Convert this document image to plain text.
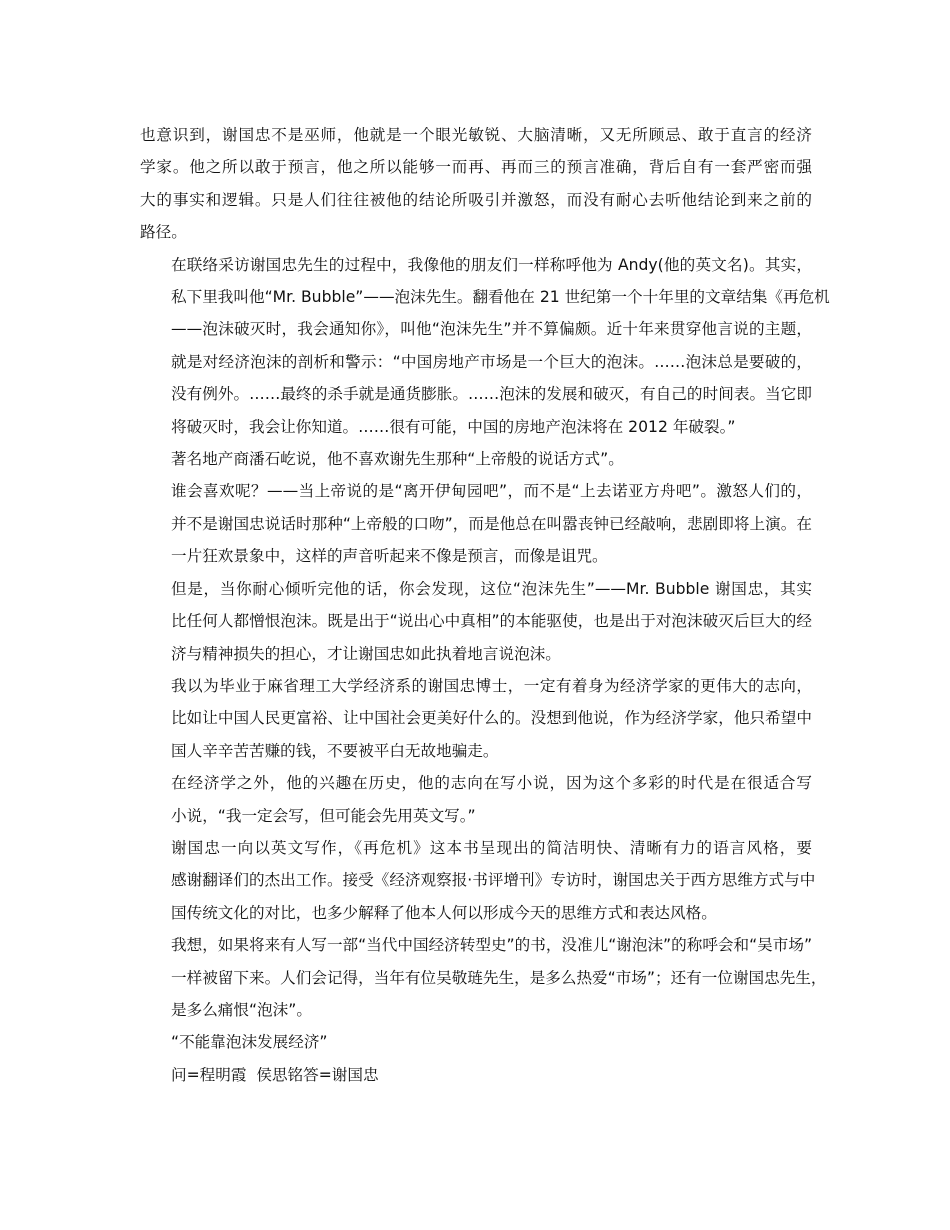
也意识到，谢国忠不是巫师，他就是一个眼光敏锐、大脑清晰，又无所顾忌、敢于直言的经济
学家。他之所以敢于预言，他之所以能够一而再、再而三的预言准确，背后自有一套严密而强
大的事实和逻辑。只是人们往往被他的结论所吸引并激怒，而没有耐心去听他结论到来之前的
路径。

在联络采访谢国忠先生的过程中，我像他的朋友们一样称呼他为 Andy(他的英文名)。其实，
私下里我叫他“Mr. Bubble”——泡沫先生。翻看他在 21 世纪第一个十年里的文章结集《再危机
——泡沫破灭时，我会通知你》，叫他“泡沫先生”并不算偏颇。近十年来贯穿他言说的主题，
就是对经济泡沫的剖析和警示：“中国房地产市场是一个巨大的泡沫。……泡沫总是要破的，
没有例外。……最终的杀手就是通货膨胀。……泡沫的发展和破灭，有自己的时间表。当它即
将破灭时，我会让你知道。……很有可能，中国的房地产泡沫将在 2012 年破裂。”

著名地产商潘石屹说，他不喜欢谢先生那种“上帝般的说话方式”。

谁会喜欢呢？——当上帝说的是“离开伊甸园吧”，而不是“上去诺亚方舟吧”。激怒人们的，
并不是谢国忠说话时那种“上帝般的口吻”，而是他总在叫嚣丧钟已经敲响，悲剧即将上演。在
一片狂欢景象中，这样的声音听起来不像是预言，而像是诅咒。

但是，当你耐心倾听完他的话，你会发现，这位“泡沫先生”——Mr. Bubble 谢国忠，其实
比任何人都憎恨泡沫。既是出于“说出心中真相”的本能驱使，也是出于对泡沫破灭后巨大的经
济与精神损失的担心，才让谢国忠如此执着地言说泡沫。

我以为毕业于麻省理工大学经济系的谢国忠博士，一定有着身为经济学家的更伟大的志向，
比如让中国人民更富裕、让中国社会更美好什么的。没想到他说，作为经济学家，他只希望中
国人辛辛苦苦赚的钱，不要被平白无故地骗走。

在经济学之外，他的兴趣在历史，他的志向在写小说，因为这个多彩的时代是在很适合写
小说，“我一定会写，但可能会先用英文写。”

谢国忠一向以英文写作，《再危机》这本书呈现出的简洁明快、清晰有力的语言风格，要
感谢翻译们的杰出工作。接受《经济观察报·书评增刊》专访时，谢国忠关于西方思维方式与中
国传统文化的对比，也多少解释了他本人何以形成今天的思维方式和表达风格。

我想，如果将来有人写一部“当代中国经济转型史”的书，没准儿“谢泡沫”的称呼会和“吴市场”
一样被留下来。人们会记得，当年有位吴敬琏先生，是多么热爱“市场”；还有一位谢国忠先生，
是多么痛恨“泡沫”。

“不能靠泡沫发展经济”

问=程明霞  侯思铭答=谢国忠
